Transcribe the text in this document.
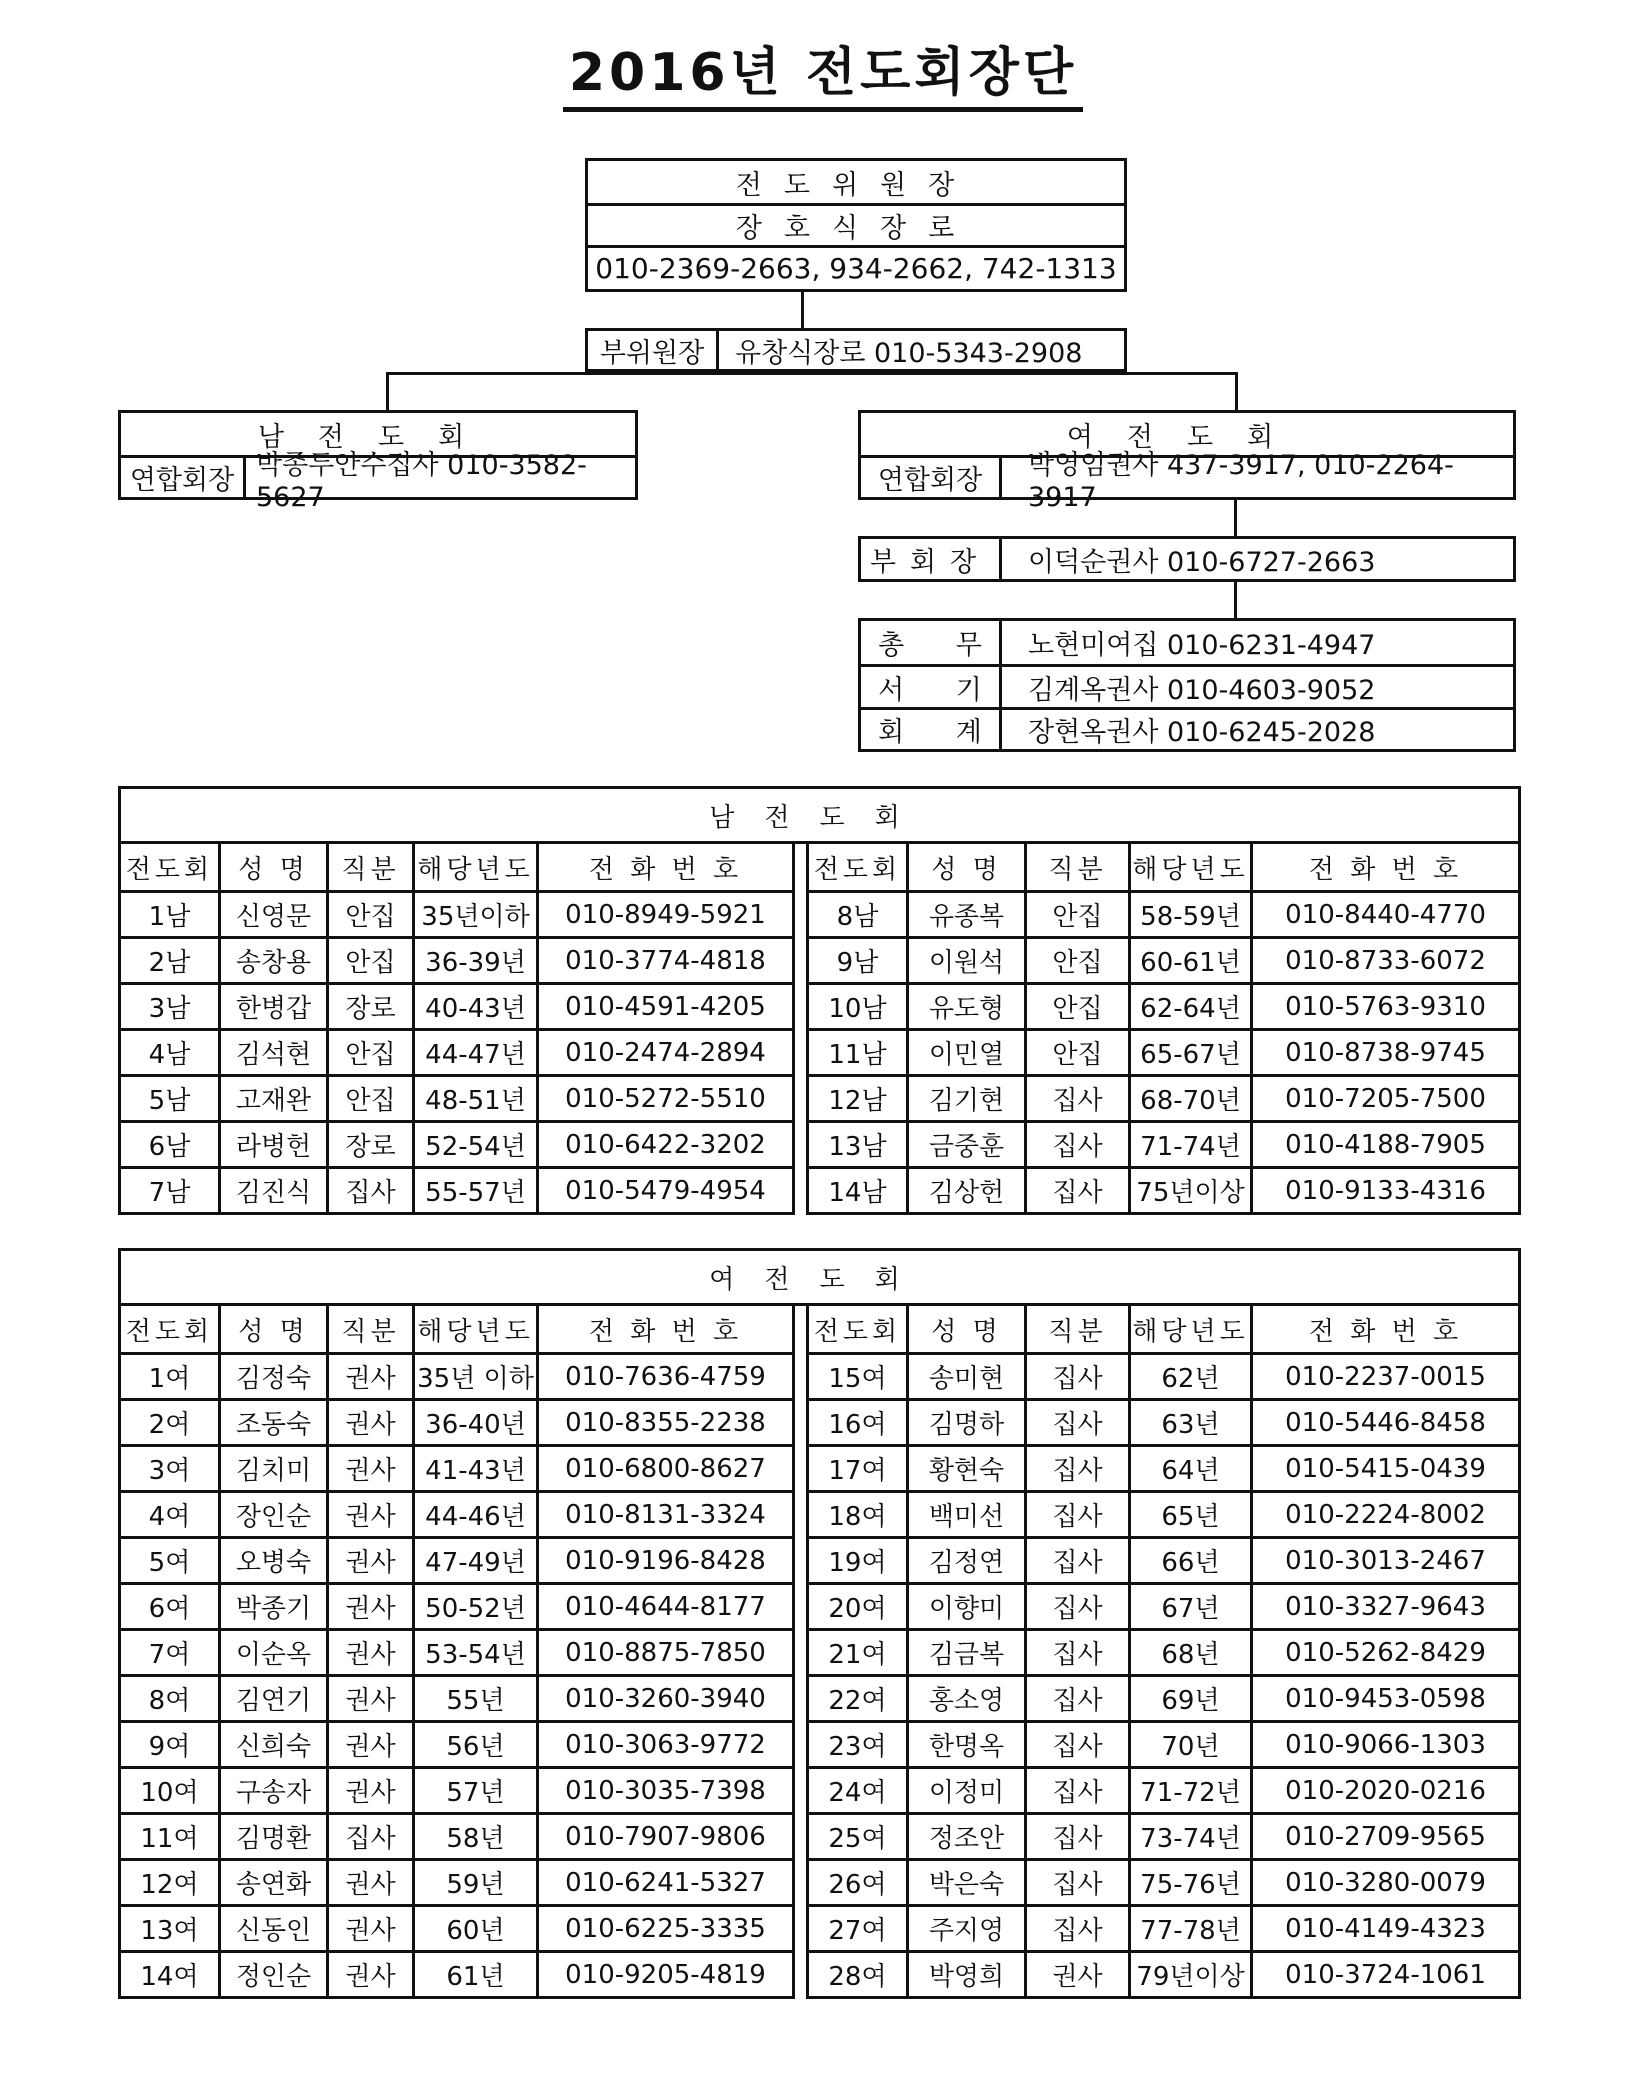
2016년 전도회장단
전도위원장
장호식장로
010-2369-2663, 934-2662, 742-1313
부위원장	유창식장로 010-5343-2908
남전도회
연합회장 박종두안수집사 010-3582-5627
여전도회
연합회장	박영임권사 437-3917, 010-2264-3917
부회장	이덕순권사 010-6727-2663
총      무	노현미여집 010-6231-4947
서      기	김계옥권사 010-4603-9052
회      계	장현옥권사 010-6245-2028
남전도회										
전도회	성 명	직분	해당년도	전 화 번 호		전도회	성 명	직분	해당년도	전 화 번 호
1남	신영문	안집	35년이하	010-8949-5921		8남	유종복	안집	58-59년	010-8440-4770
2남	송창용	안집	36-39년	010-3774-4818		9남	이원석	안집	60-61년	010-8733-6072
3남	한병갑	장로	40-43년	010-4591-4205		10남	유도형	안집	62-64년	010-5763-9310
4남	김석현	안집	44-47년	010-2474-2894		11남	이민열	안집	65-67년	010-8738-9745
5남	고재완	안집	48-51년	010-5272-5510		12남	김기현	집사	68-70년	010-7205-7500
6남	라병헌	장로	52-54년	010-6422-3202		13남	금중훈	집사	71-74년	010-4188-7905
7남	김진식	집사	55-57년	010-5479-4954		14남	김상헌	집사	75년이상	010-9133-4316
여전도회										
전도회	성 명	직분	해당년도	전 화 번 호		전도회	성 명	직분	해당년도	전 화 번 호
1여	김정숙	권사	35년 이하	010-7636-4759		15여	송미현	집사	62년	010-2237-0015
2여	조동숙	권사	36-40년	010-8355-2238		16여	김명하	집사	63년	010-5446-8458
3여	김치미	권사	41-43년	010-6800-8627		17여	황현숙	집사	64년	010-5415-0439
4여	장인순	권사	44-46년	010-8131-3324		18여	백미선	집사	65년	010-2224-8002
5여	오병숙	권사	47-49년	010-9196-8428		19여	김정연	집사	66년	010-3013-2467
6여	박종기	권사	50-52년	010-4644-8177		20여	이향미	집사	67년	010-3327-9643
7여	이순옥	권사	53-54년	010-8875-7850		21여	김금복	집사	68년	010-5262-8429
8여	김연기	권사	55년	010-3260-3940		22여	홍소영	집사	69년	010-9453-0598
9여	신희숙	권사	56년	010-3063-9772		23여	한명옥	집사	70년	010-9066-1303
10여	구송자	권사	57년	010-3035-7398		24여	이정미	집사	71-72년	010-2020-0216
11여	김명환	집사	58년	010-7907-9806		25여	정조안	집사	73-74년	010-2709-9565
12여	송연화	권사	59년	010-6241-5327		26여	박은숙	집사	75-76년	010-3280-0079
13여	신동인	권사	60년	010-6225-3335		27여	주지영	집사	77-78년	010-4149-4323
14여	정인순	권사	61년	010-9205-4819		28여	박영희	권사	79년이상	010-3724-1061
